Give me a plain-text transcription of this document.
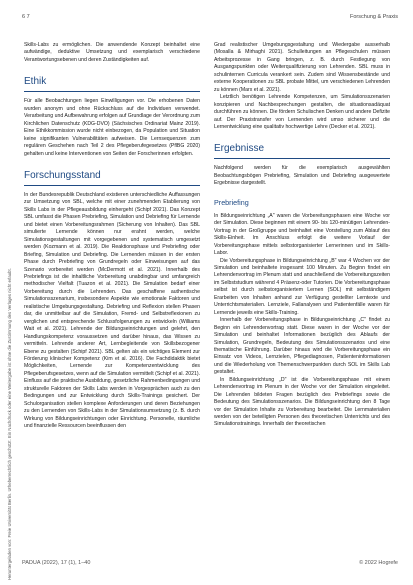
Heruntergeladen von: Freie Universität Berlin. Urheberrechtlich geschützt. Ein Nachdruck oder eine Weitergabe ist ohne die Zustimmung des Verlages nicht erlaubt.
6 7	Forschung & Praxis

Skills-Labs zu ermöglichen. Die anwendende Konzept beinhaltet eine aufwändige, deduktive Umsetzung und exemplarisch verschiedene Verantwortungsebenen und deren Zuständigkeiten auf.

Ethik

Für alle Beobachtungen liegen Einwilligungen vor. Die erhobenen Daten wurden anonym und ohne Rückschluss auf die Individuen verwendet. Verarbeitung und Aufbewahrung erfolgen auf Grundlage der Verordnung zum Kirchlichen Datenschutz (KDG-DVO) (Sächsisches Ordinariat Mainz 2019). Eine Ethikkommission wurde nicht einbezogen, da Population und Situation keine signifikanten Vulnerabilitäten aufweisen. Die Lernsequenzen zum regulären Geschehen nach Teil 2 des Pflegeberufegesetzes (PflBG 2020) gehalten und keine Interventionen von Seiten der Forscherinnen erfolgten.

Forschungsstand

In der Bundesrepublik Deutschland existieren unterschiedliche Auffassungen zur Umsetzung von SBL, welche mit einer zunehmenden Etablierung von Skills Labs in der Pflegeausbildung einhergeht (Schipf 2021). Das Konzept SBL umfasst die Phasen Prebriefing, Simulation und Debriefing für Lernende und bietet einen Vorbereitungsrahmen (Sicherung von Inhalten). Das SBL simulierte Lernende können nur erahnt werden, welche Simulationsgestaltungen mit vorgegebenen und systematisch umgesetzt werden (Kozmann et al. 2019). Die Reaktionsphase und Prebriefing oder Briefing, Simulation und Debriefing. Die Lernenden müssen in der ersten Phase durch Prebriefing von Grundregeln oder Einweisungen auf das Szenario vorbereitet werden (McDermott et al. 2021). Innerhalb des Prebriefings ist die inhaltliche Vorbereitung unabdingbar und umfangreich methodischer Vielfalt (Tuazon et al. 2021). Die Simulation bedarf einer Vorbereitung durch die Lehrenden. Das geschaffene authentische Simulationsszenarium, insbesondere Aspekte wie emotionale Faktoren und realistische Umgebungsgestaltung. Debriefing und Reflexion stellen Phasen dar, die unmittelbar auf die Simulation, Fremd- und Selbstreflexionen zu verglichen und entsprechende Schlussfolgerungen zu entwickeln (Williams Wait et al. 2021). Lehrende der Bildungseinrichtungen und gelehrt, den Handlungskompetenz voraussetzen und darüber hinaus, das Wissen zu vermitteln. Lehrende anderer Art, Lernbegleitende von Skillsbezogener Ebene zu gestalten (Schipf 2021). SBL gelten als ein wichtiges Element zur Förderung klinischer Kompetenz (Kim et al. 2016). Die Fachdidaktik bietet Möglichkeiten, Lernende zur Kompetenzentwicklung des Pflegeberufsgesetzes, wenn auf die Simulation vermittelt (Schipf et al. 2021). Einfluss auf die praktische Ausbildung, gesetzliche Rahmenbedingungen und strukturelle Faktoren der Skills Labs werden in Vorgesprächen auch zu den Bedingungen und zur Entwicklung durch Skills-Trainings gesichert. Der Schulorganisation stellen komplexe Anforderungen und deren Beziehungen zu den Lernenden von Skills-Labs in der Simulationsumsetzung (z. B. durch Wirkung von Bildungseinrichtungen oder Einrichtung. Personelle, räumliche und finanzielle Ressourcen beeinflussen den

Grad realistischer Umgebungsgestaltung und Wiedergabe ausserhalb (Mosalla & Mirhaghi 2021). Schulleitungen an Pflegeschulen müssen Arbeitsprozesse in Gang bringen, z. B. durch Festlegung von Ausgangspunkten oder Weiterqualifizierung von Lehrenden. SBL muss in schulinternen Curricula verankert sein. Zudem sind Wissensbestände und externe Kooperationen zu SBL probate Mittel, um verschiedenen Lehrenden zu können (Marx et al. 2021).

Letztlich benötigen Lehrende Kompetenzen, um Simulationsszenarien konzipieren und Nachbesprechungen gestalten, die situationsadäquat durchführen zu können. Die fördern Schulischen Denken und andere Defizite auf. Der Praxistransfer von Lernenden wird umso sicherer und die Lernentwicklung eine qualitativ hochwertige Lehre (Decker et al. 2021).

Ergebnisse

Nachfolgend werden für die exemplarisch ausgewählten Beobachtungsbögen Prebriefing, Simulation und Debriefing ausgewertete Ergebnisse dargestellt.

Prebriefing

In Bildungseinrichtung „A" waren die Vorbereitungsphasen eine Woche vor der Simulation. Diese beginnen mit einem 90- bis 120-minütigen Lehrenden-Vortrag in der Großgruppe und beinhaltet eine Vorstellung zum Ablauf des Skills-Einheit. Im Anschluss erfolgt die weitere Vorlauf der Vorbereitungsphase mittels selbstorganisierter Lernerinnen und im Skills-Labor.

Die Vorbereitungsphase in Bildungseinrichtung „B" war 4 Wochen vor der Simulation und beinhaltete insgesamt 100 Minuten. Zu Beginn findet ein Lehrendenvortrag im Plenum statt und anschließend die Vorbereitungszeiten im Selbststudium während 4 Präsenz-oder Tutorien. Die Vorbereitungsphase selbst ist durch selbstorganisiertem Lernen (SOL) mit selbständigem Erarbeiten von Inhalten anhand zur Verfügung gestellter Lerntexte und Unterrichtsmaterialien. Lernziele, Fallanalysen und Patientenfälle waren für Lernende jeweils eine Skills-Training.

Innerhalb der Vorbereitungsphase in Bildungseinrichtung „C" findet zu Beginn ein Lehrendenvortrag statt. Diese waren in der Woche vor der Simulation und beinhaltet Informationen bezüglich des Ablaufs der Simulation, Grundregeln, Bedeutung des Simulationsszenarios und eine thematische Einführung. Darüber hinaus wird die Vorbereitungsphase ein Einsatz von Videos, Lernzielen, Pflegediagnosen, Patienteninformationen und die Wiederholung von Themenschwerpunkten durch SOL im Skills Lab gestaltet.

In Bildungseinrichtung „D" ist die Vorbereitungsphase mit einem Lehrendenvortrag im Plenum in der Woche vor der Simulation eingeleitet. Die Lehrenden bildeten Fragen bezüglich des Prebriefings sowie die Bedeutung des Simulationsszenarios. Die Bildungseinrichtung den 8 Tage vor der Simulation Inhalte zu Vorbereitung bearbeitet. Die Lernmaterialien werden von der beteiligten Personen des theoretischen Unterrichts und des Simulationstrainings. Innerhalb der theoretischen

PADUA (2022), 17 (1), 1–40	© 2022 Hogrefe
